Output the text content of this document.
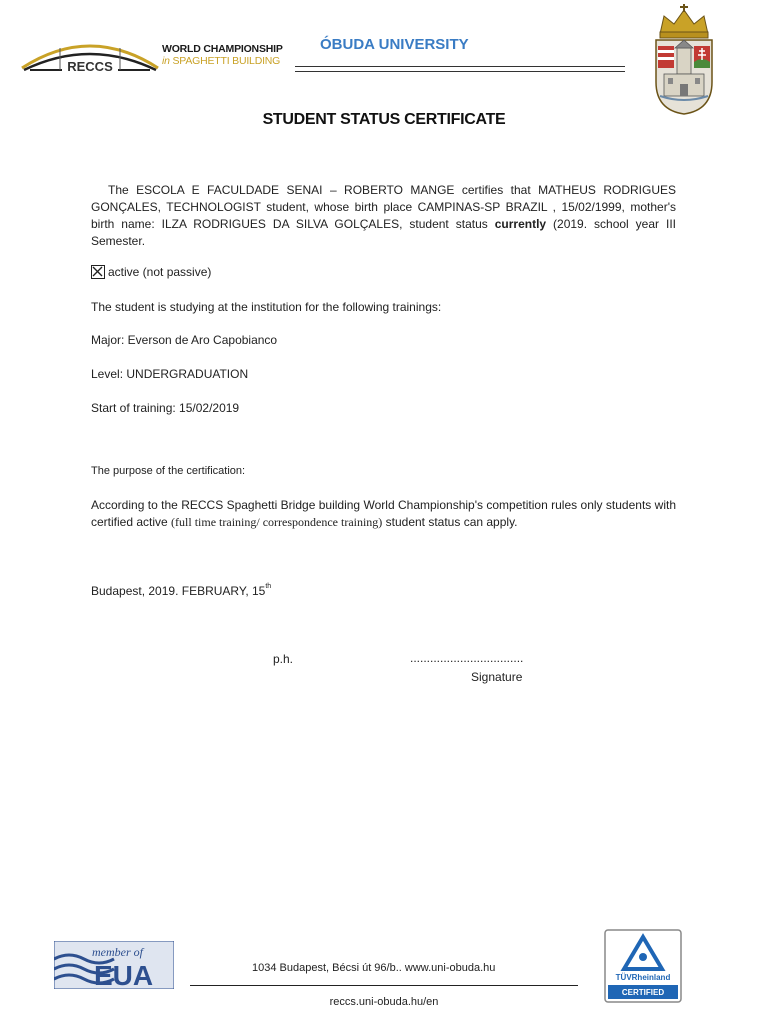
RECCS
WORLD CHAMPIONSHIP
in SPAGHETTI BUILDING
ÓBUDA UNIVERSITY
STUDENT STATUS CERTIFICATE
The ESCOLA E FACULDADE SENAI – ROBERTO MANGE certifies that MATHEUS RODRIGUES GONÇALES, TECHNOLOGIST student, whose birth place CAMPINAS-SP BRAZIL , 15/02/1999, mother's birth name: ILZA RODRIGUES DA SILVA GOLÇALES, student status currently (2019. school year III Semester.
active (not passive)
The student is studying at the institution for the following trainings:
Major: Everson de Aro Capobianco
Level: UNDERGRADUATION
Start of training: 15/02/2019
The purpose of the certification:
According to the RECCS Spaghetti Bridge building World Championship's competition rules only students with certified active (full time training/ correspondence training) student status can apply.
Budapest, 2019. FEBRUARY, 15th
p.h.	..................................
Signature
member of
EUA	1034 Budapest, Bécsi út 96/b.. www.uni-obuda.hu
reccs.uni-obuda.hu/en
TÜVRheinland
CERTIFIED
